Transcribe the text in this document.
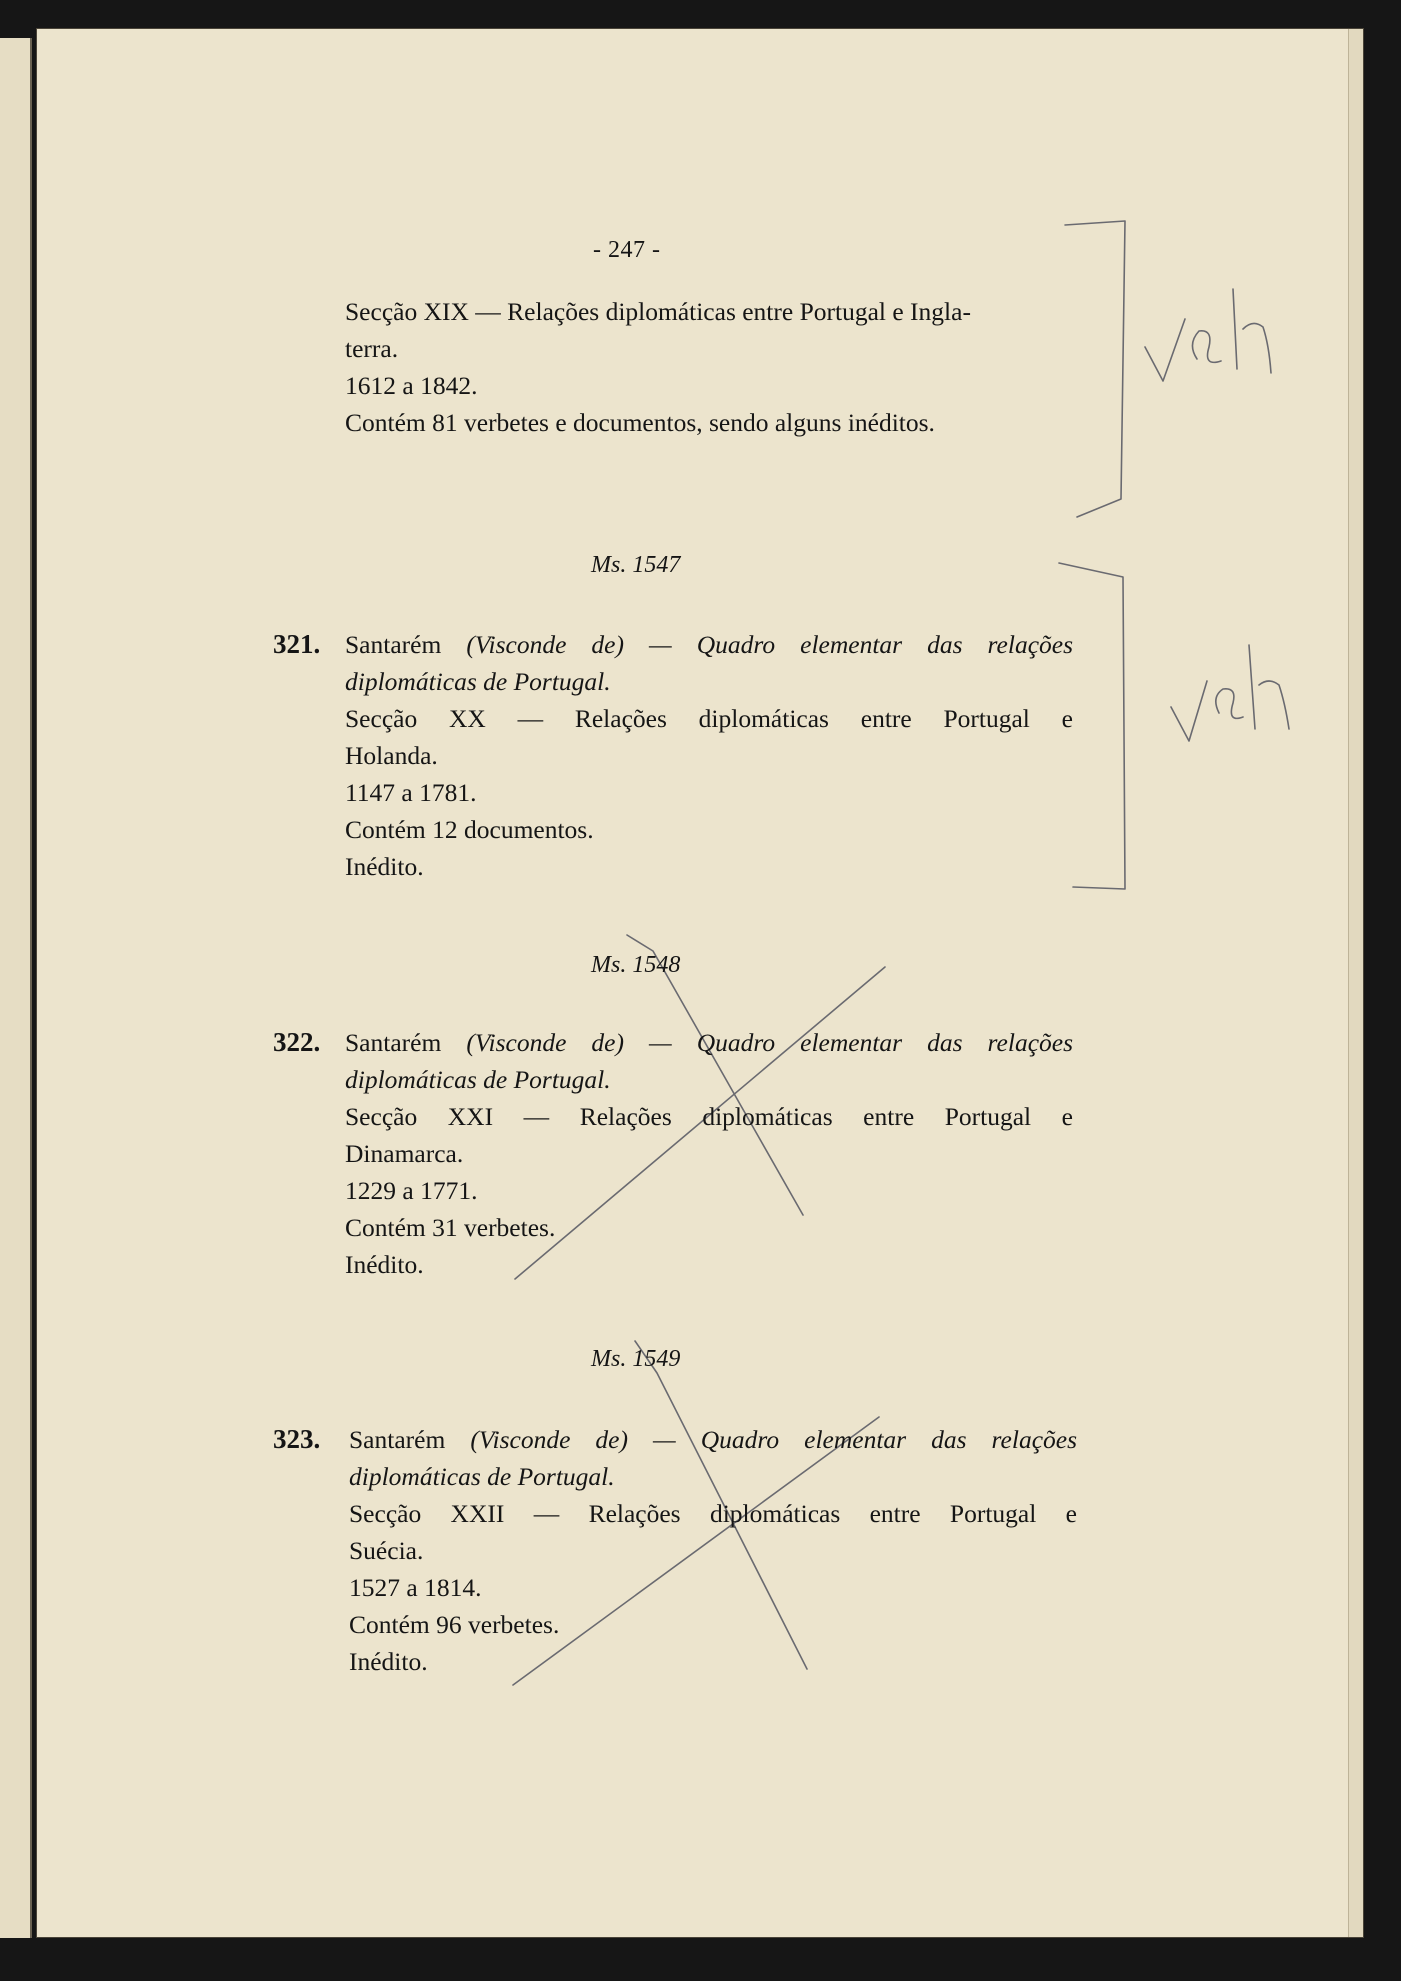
- 247 -

Secção XIX — Relações diplomáticas entre Portugal e Ingla-
terra.
1612 a 1842.
Contém 81 verbetes e documentos, sendo alguns inéditos.

Ms. 1547

321. Santarém (Visconde de) — Quadro elementar das relações
diplomáticas de Portugal.
Secção XX — Relações diplomáticas entre Portugal e
Holanda.
1147 a 1781.
Contém 12 documentos.
Inédito.

Ms. 1548

322. Santarém (Visconde de) — Quadro elementar das relações
diplomáticas de Portugal.
Secção XXI — Relações diplomáticas entre Portugal e
Dinamarca.
1229 a 1771.
Contém 31 verbetes.
Inédito.

Ms. 1549

323. Santarém (Visconde de) — Quadro elementar das relações
diplomáticas de Portugal.
Secção XXII — Relações diplomáticas entre Portugal e
Suécia.
1527 a 1814.
Contém 96 verbetes.
Inédito.
